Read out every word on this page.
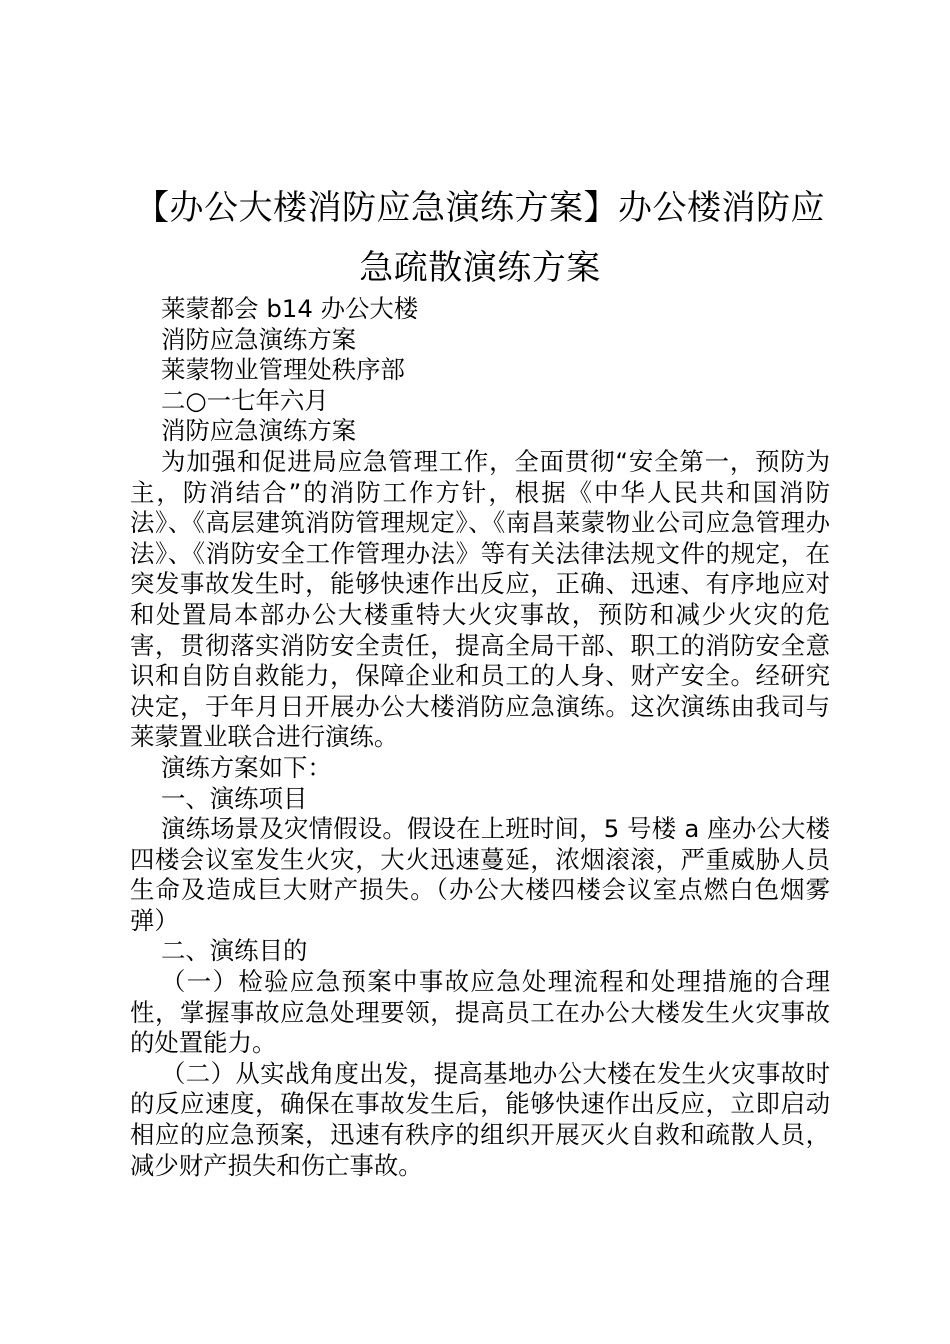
【办公大楼消防应急演练方案】办公楼消防应急疏散演练方案
莱蒙都会 b14 办公大楼
消防应急演练方案
莱蒙物业管理处秩序部
二○一七年六月
消防应急演练方案

为加强和促进局应急管理工作，全面贯彻“安全第一，预防为主，防消结合”的消防工作方针，根据《中华人民共和国消防法》、《高层建筑消防管理规定》、《南昌莱蒙物业公司应急管理办法》、《消防安全工作管理办法》等有关法律法规文件的规定，在突发事故发生时，能够快速作出反应，正确、迅速、有序地应对和处置局本部办公大楼重特大火灾事故，预防和减少火灾的危害，贯彻落实消防安全责任，提高全局干部、职工的消防安全意识和自防自救能力，保障企业和员工的人身、财产安全。经研究决定，于年月日开展办公大楼消防应急演练。这次演练由我司与莱蒙置业联合进行演练。

演练方案如下：
一、演练项目

演练场景及灾情假设。假设在上班时间，5 号楼 a 座办公大楼四楼会议室发生火灾，大火迅速蔓延，浓烟滚滚，严重威胁人员生命及造成巨大财产损失。（办公大楼四楼会议室点燃白色烟雾弹）

二、演练目的

（一）检验应急预案中事故应急处理流程和处理措施的合理性，掌握事故应急处理要领，提高员工在办公大楼发生火灾事故的处置能力。

（二）从实战角度出发，提高基地办公大楼在发生火灾事故时的反应速度，确保在事故发生后，能够快速作出反应，立即启动相应的应急预案，迅速有秩序的组织开展灭火自救和疏散人员，减少财产损失和伤亡事故。
